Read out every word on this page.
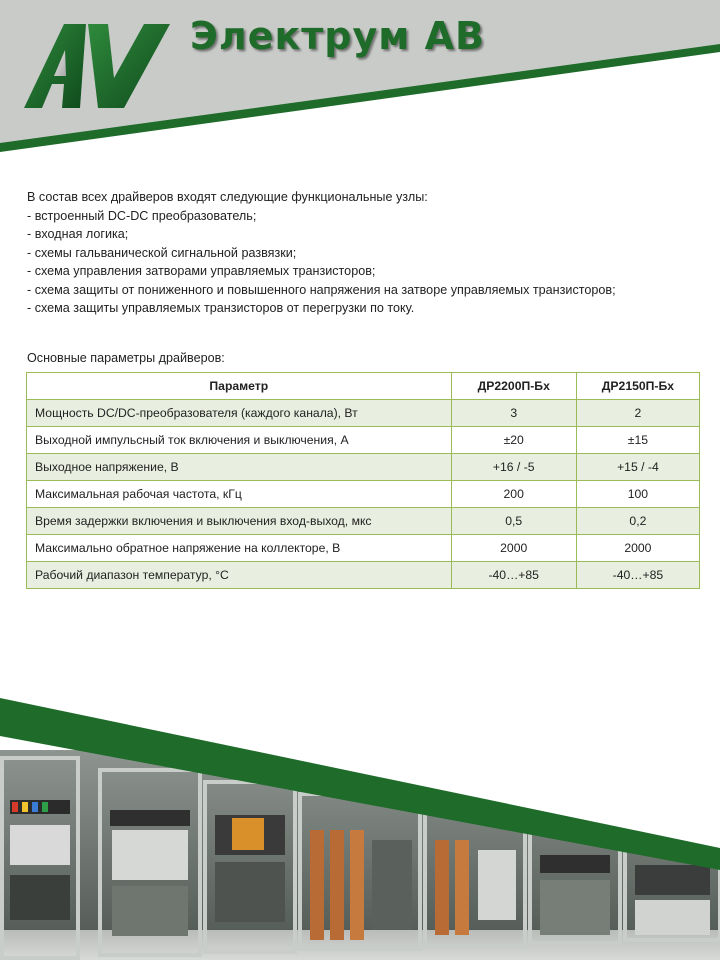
Электрум АВ
В состав всех драйверов входят следующие функциональные узлы:
- встроенный DC-DC преобразователь;
- входная логика;
- схемы гальванической сигнальной развязки;
- схема управления затворами управляемых транзисторов;
- схема защиты от пониженного и повышенного напряжения на затворе управляемых транзисторов;
- схема защиты управляемых транзисторов от перегрузки по току.
Основные параметры драйверов:
Параметр	ДР2200П-Бх	ДР2150П-Бх
Мощность DC/DC-преобразователя (каждого канала), Вт	3	2
Выходной импульсный ток включения и выключения, А	±20	±15
Выходное напряжение, В	+16 / -5	+15 / -4
Максимальная рабочая частота, кГц	200	100
Время задержки включения и выключения вход-выход, мкс	0,5	0,2
Максимально обратное напряжение на коллекторе, В	2000	2000
Рабочий диапазон температур, °С	-40…+85	-40…+85
